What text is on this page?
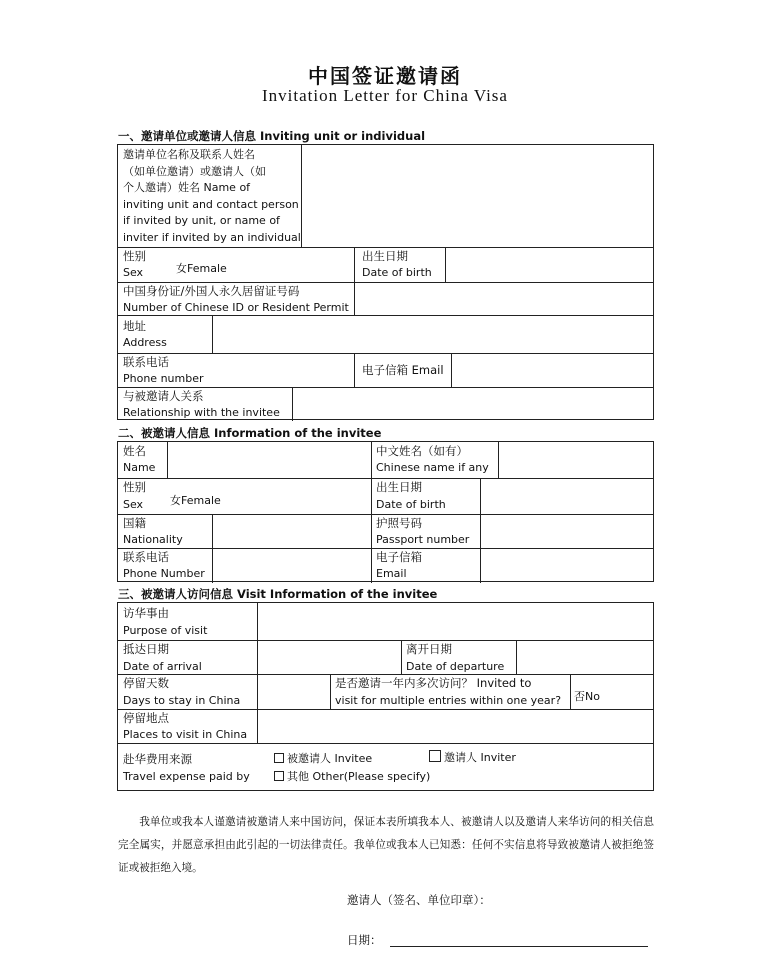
中国签证邀请函
Invitation Letter for China Visa
一、邀请单位或邀请人信息 Inviting unit or individual
邀请单位名称及联系人姓名
（如单位邀请）或邀请人（如
个人邀请）姓名 Name of
inviting unit and contact person
if invited by unit, or name of
inviter if invited by an individual
性别
Sex	女Female
出生日期
Date of birth
中国身份证/外国人永久居留证号码
Number of Chinese ID or Resident Permit
地址
Address
联系电话
Phone number
电子信箱 Email
与被邀请人关系
Relationship with the invitee
二、被邀请人信息 Information of the invitee
姓名
Name
中文姓名（如有）
Chinese name if any
性别
Sex 女Female
出生日期
Date of birth
国籍
Nationality
护照号码
Passport number
联系电话
Phone Number
电子信箱
Email
三、被邀请人访问信息 Visit Information of the invitee
访华事由
Purpose of visit
抵达日期
Date of arrival
离开日期
Date of departure
停留天数
Days to stay in China
是否邀请一年内多次访问？ Invited to
visit for multiple entries within one year? 否No
停留地点
Places to visit in China
赴华费用来源
Travel expense paid by
被邀请人 Invitee	邀请人 Inviter
其他 Other(Please specify)
我单位或我本人谨邀请被邀请人来中国访问，保证本表所填我本人、被邀请人以及邀请人来华访问的相关信息完全属实，并愿意承担由此引起的一切法律责任。我单位或我本人已知悉：任何不实信息将导致被邀请人被拒绝签证或被拒绝入境。
邀请人（签名、单位印章）：
日期：
